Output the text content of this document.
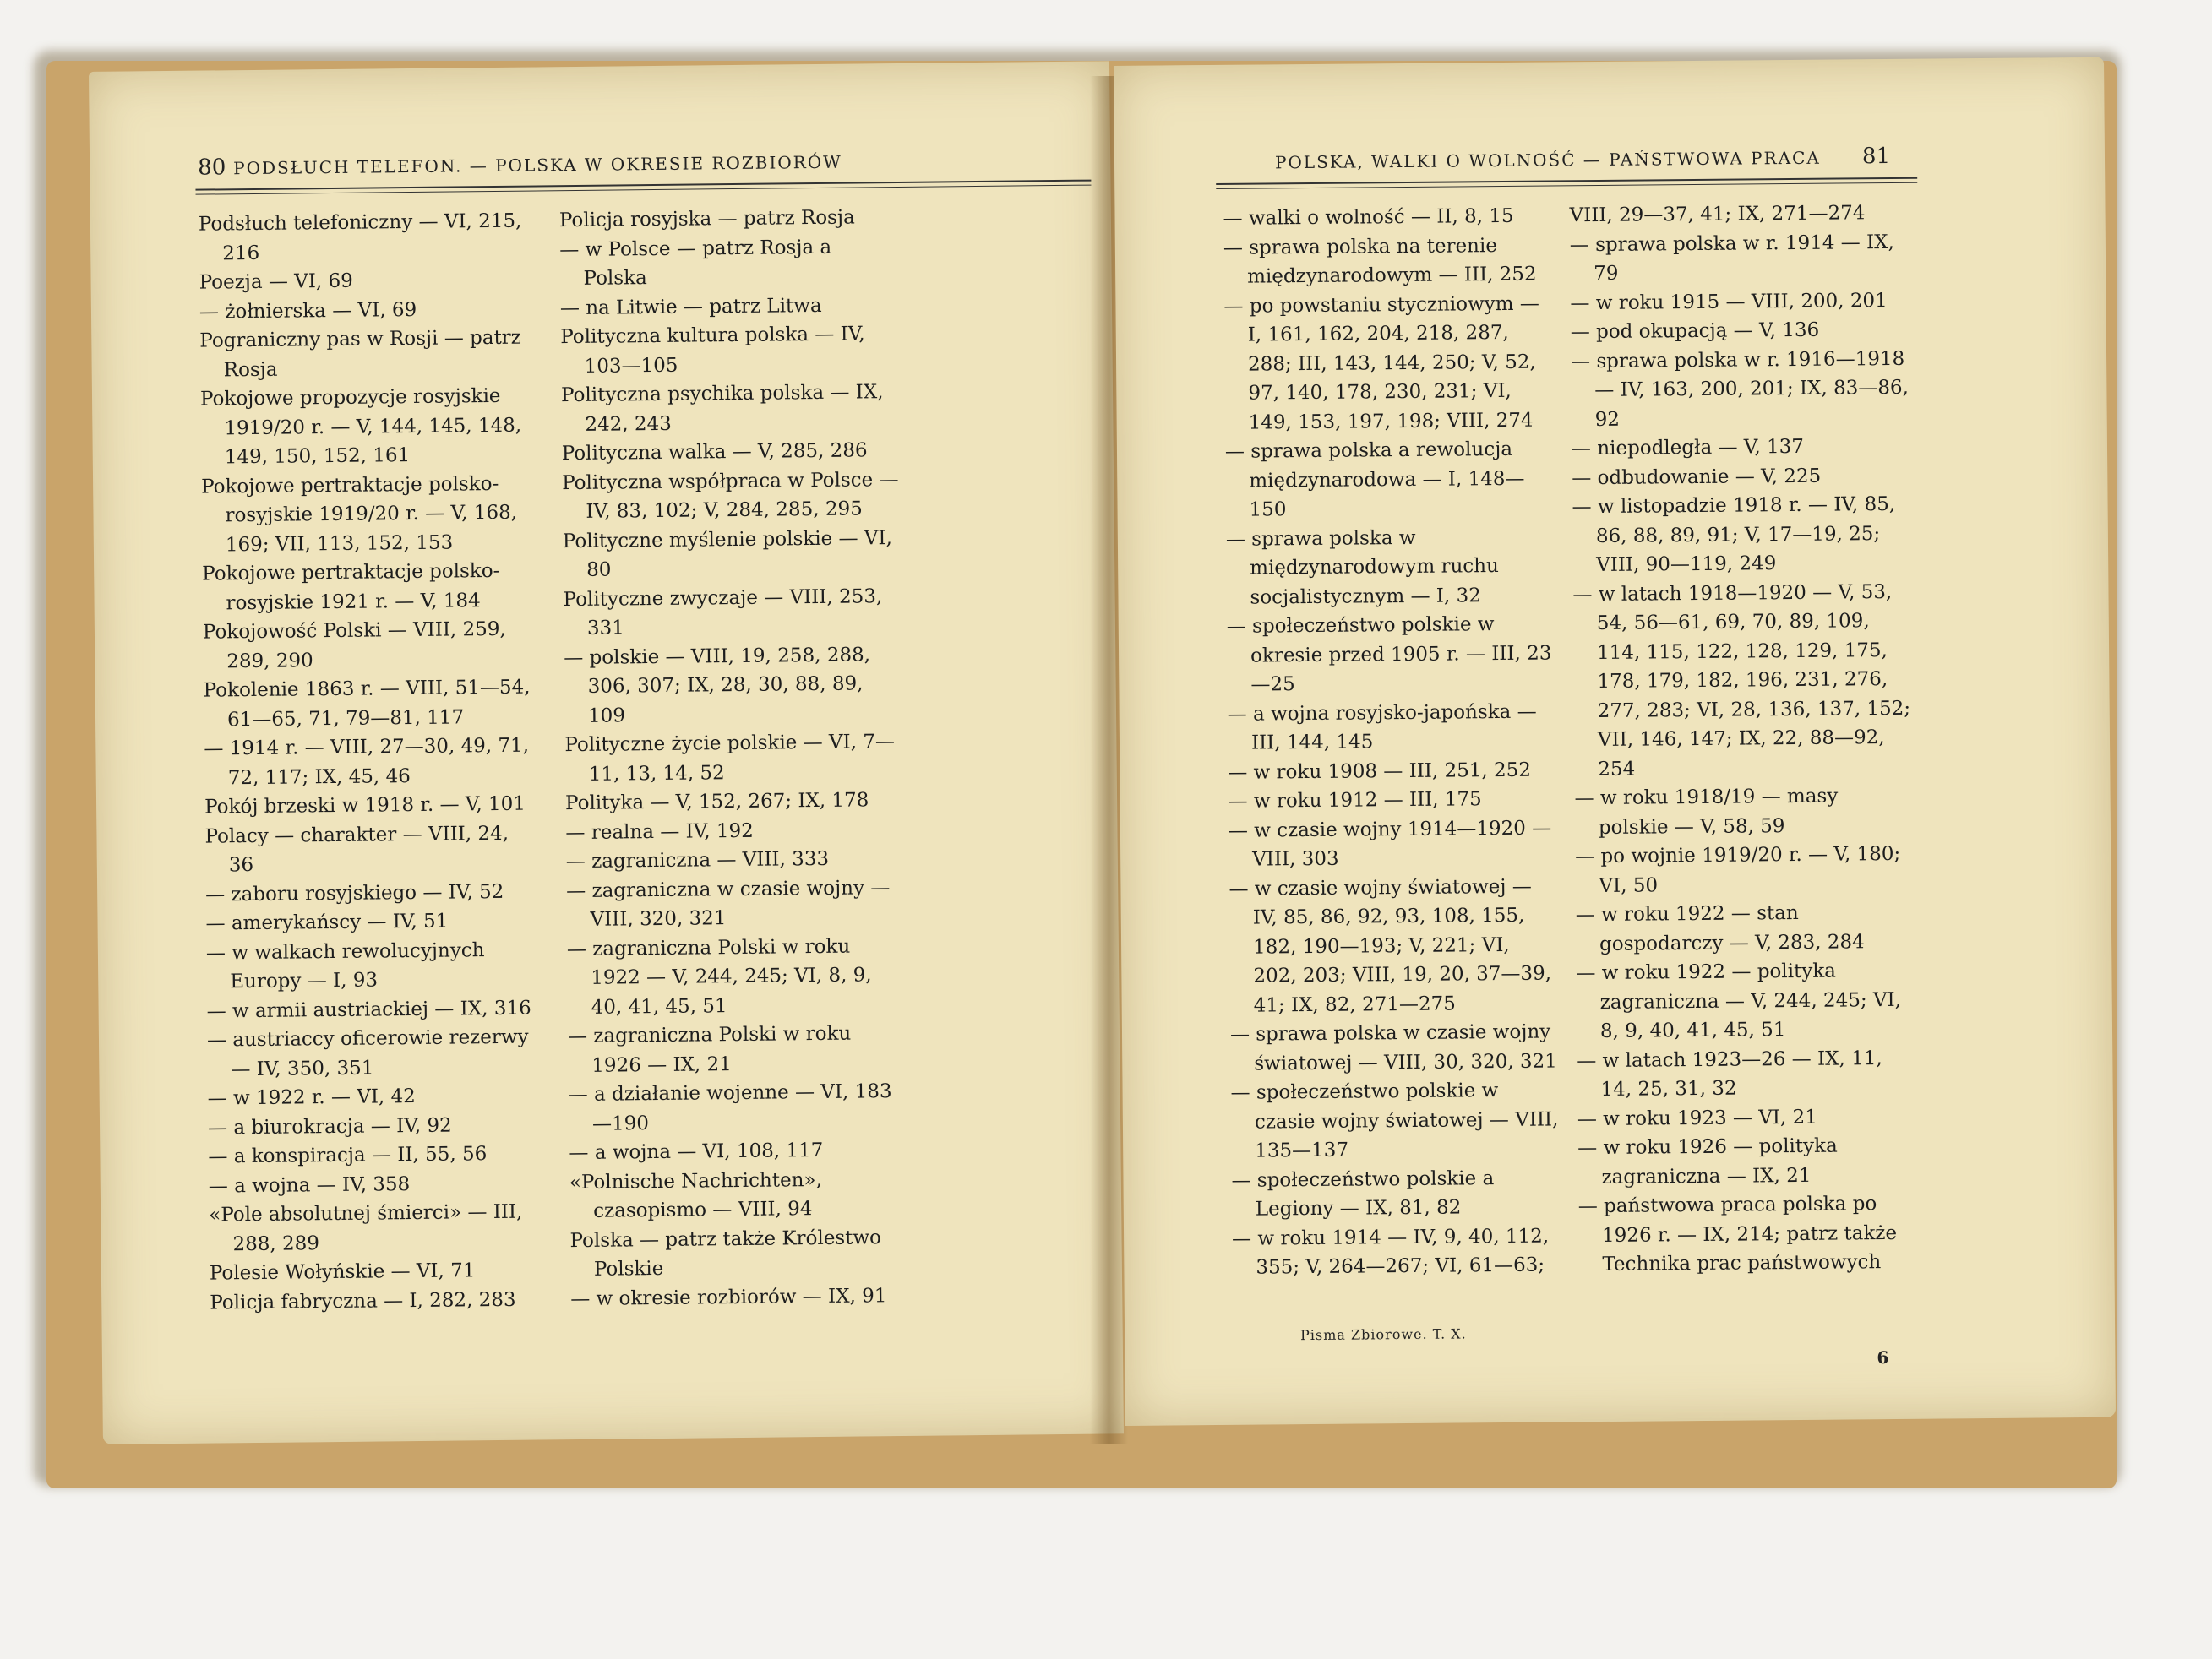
80 PODSŁUCH TELEFON. — POLSKA W OKRESIE ROZBIORÓW
Podsłuch telefoniczny — VI, 215, 216
Poezja — VI, 69
— żołnierska — VI, 69
Pograniczny pas w Rosji — patrz Rosja
Pokojowe propozycje rosyjskie 1919/20 r. — V, 144, 145, 148, 149, 150, 152, 161
Pokojowe pertraktacje polsko-rosyjskie 1919/20 r. — V, 168, 169; VII, 113, 152, 153
Pokojowe pertraktacje polsko-rosyjskie 1921 r. — V, 184
Pokojowość Polski — VIII, 259, 289, 290
Pokolenie 1863 r. — VIII, 51—54, 61—65, 71, 79—81, 117
— 1914 r. — VIII, 27—30, 49, 71, 72, 117; IX, 45, 46
Pokój brzeski w 1918 r. — V, 101
Polacy — charakter — VIII, 24, 36
— zaboru rosyjskiego — IV, 52
— amerykańscy — IV, 51
— w walkach rewolucyjnych Europy — I, 93
— w armii austriackiej — IX, 316
— austriaccy oficerowie rezerwy — IV, 350, 351
— w 1922 r. — VI, 42
— a biurokracja — IV, 92
— a konspiracja — II, 55, 56
— a wojna — IV, 358
«Pole absolutnej śmierci» — III, 288, 289
Polesie Wołyńskie — VI, 71
Policja fabryczna — I, 282, 283
Policja rosyjska — patrz Rosja
— w Polsce — patrz Rosja a Polska
— na Litwie — patrz Litwa
Polityczna kultura polska — IV, 103—105
Polityczna psychika polska — IX, 242, 243
Polityczna walka — V, 285, 286
Polityczna współpraca w Polsce — IV, 83, 102; V, 284, 285, 295
Polityczne myślenie polskie — VI, 80
Polityczne zwyczaje — VIII, 253, 331
— polskie — VIII, 19, 258, 288, 306, 307; IX, 28, 30, 88, 89, 109
Polityczne życie polskie — VI, 7—11, 13, 14, 52
Polityka — V, 152, 267; IX, 178
— realna — IV, 192
— zagraniczna — VIII, 333
— zagraniczna w czasie wojny — VIII, 320, 321
— zagraniczna Polski w roku 1922 — V, 244, 245; VI, 8, 9, 40, 41, 45, 51
— zagraniczna Polski w roku 1926 — IX, 21
— a działanie wojenne — VI, 183—190
— a wojna — VI, 108, 117
«Polnische Nachrichten», czasopismo — VIII, 94
Polska — patrz także Królestwo Polskie
— w okresie rozbiorów — IX, 91
POLSKA, WALKI O WOLNOŚĆ — PAŃSTWOWA PRACA 81
— walki o wolność — II, 8, 15
— sprawa polska na terenie międzynarodowym — III, 252
— po powstaniu styczniowym — I, 161, 162, 204, 218, 287, 288; III, 143, 144, 250; V, 52, 97, 140, 178, 230, 231; VI, 149, 153, 197, 198; VIII, 274
— sprawa polska a rewolucja międzynarodowa — I, 148—150
— sprawa polska w międzynarodowym ruchu socjalistycznym — I, 32
— społeczeństwo polskie w okresie przed 1905 r. — III, 23—25
— a wojna rosyjsko-japońska — III, 144, 145
— w roku 1908 — III, 251, 252
— w roku 1912 — III, 175
— w czasie wojny 1914—1920 — VIII, 303
— w czasie wojny światowej — IV, 85, 86, 92, 93, 108, 155, 182, 190—193; V, 221; VI, 202, 203; VIII, 19, 20, 37—39, 41; IX, 82, 271—275
— sprawa polska w czasie wojny światowej — VIII, 30, 320, 321
— społeczeństwo polskie w czasie wojny światowej — VIII, 135—137
— społeczeństwo polskie a Legiony — IX, 81, 82
— w roku 1914 — IV, 9, 40, 112, 355; V, 264—267; VI, 61—63;
VIII, 29—37, 41; IX, 271—274
— sprawa polska w r. 1914 — IX, 79
— w roku 1915 — VIII, 200, 201
— pod okupacją — V, 136
— sprawa polska w r. 1916—1918 — IV, 163, 200, 201; IX, 83—86, 92
— niepodległa — V, 137
— odbudowanie — V, 225
— w listopadzie 1918 r. — IV, 85, 86, 88, 89, 91; V, 17—19, 25; VIII, 90—119, 249
— w latach 1918—1920 — V, 53, 54, 56—61, 69, 70, 89, 109, 114, 115, 122, 128, 129, 175, 178, 179, 182, 196, 231, 276, 277, 283; VI, 28, 136, 137, 152; VII, 146, 147; IX, 22, 88—92, 254
— w roku 1918/19 — masy polskie — V, 58, 59
— po wojnie 1919/20 r. — V, 180; VI, 50
— w roku 1922 — stan gospodarczy — V, 283, 284
— w roku 1922 — polityka zagraniczna — V, 244, 245; VI, 8, 9, 40, 41, 45, 51
— w latach 1923—26 — IX, 11, 14, 25, 31, 32
— w roku 1923 — VI, 21
— w roku 1926 — polityka zagraniczna — IX, 21
— państwowa praca polska po 1926 r. — IX, 214; patrz także Technika prac państwowych
Pisma Zbiorowe. T. X.
6
